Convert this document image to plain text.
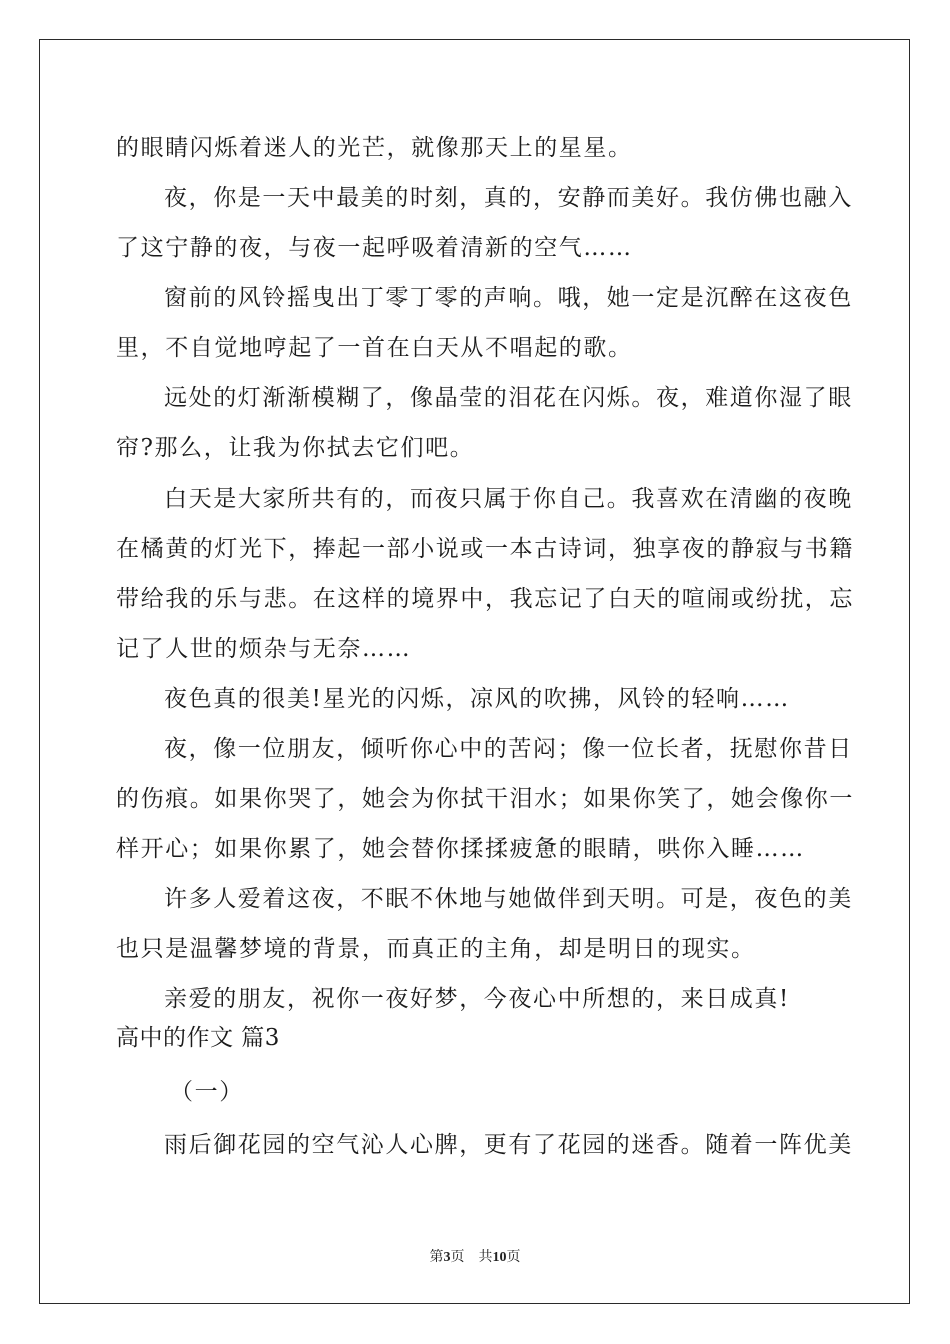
的眼睛闪烁着迷人的光芒，就像那天上的星星。
夜，你是一天中最美的时刻，真的，安静而美好。我仿佛也融入
了这宁静的夜，与夜一起呼吸着清新的空气……
窗前的风铃摇曳出丁零丁零的声响。哦，她一定是沉醉在这夜色
里，不自觉地哼起了一首在白天从不唱起的歌。
远处的灯渐渐模糊了，像晶莹的泪花在闪烁。夜，难道你湿了眼
帘?那么，让我为你拭去它们吧。
白天是大家所共有的，而夜只属于你自己。我喜欢在清幽的夜晚
在橘黄的灯光下，捧起一部小说或一本古诗词，独享夜的静寂与书籍
带给我的乐与悲。在这样的境界中，我忘记了白天的喧闹或纷扰，忘
记了人世的烦杂与无奈……
夜色真的很美!星光的闪烁，凉风的吹拂，风铃的轻响……
夜，像一位朋友，倾听你心中的苦闷；像一位长者，抚慰你昔日
的伤痕。如果你哭了，她会为你拭干泪水；如果你笑了，她会像你一
样开心；如果你累了，她会替你揉揉疲惫的眼睛，哄你入睡……
许多人爱着这夜，不眠不休地与她做伴到天明。可是，夜色的美
也只是温馨梦境的背景，而真正的主角，却是明日的现实。
亲爱的朋友，祝你一夜好梦，今夜心中所想的，来日成真!
高中的作文 篇3
（一）
雨后御花园的空气沁人心脾，更有了花园的迷香。随着一阵优美
第3页　共10页
